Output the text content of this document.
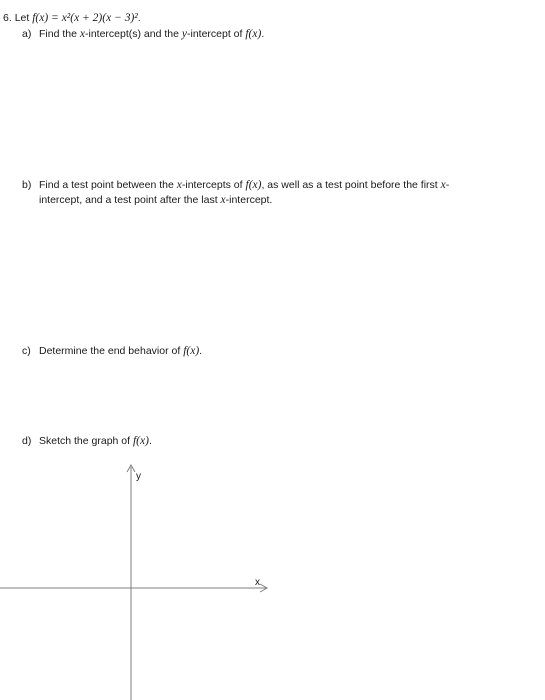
6. Let f(x) = x²(x + 2)(x − 3)².
a) Find the x-intercept(s) and the y-intercept of f(x).
b) Find a test point between the x-intercepts of f(x), as well as a test point before the first x-
intercept, and a test point after the last x-intercept.
c) Determine the end behavior of f(x).
d) Sketch the graph of f(x).
y
x
